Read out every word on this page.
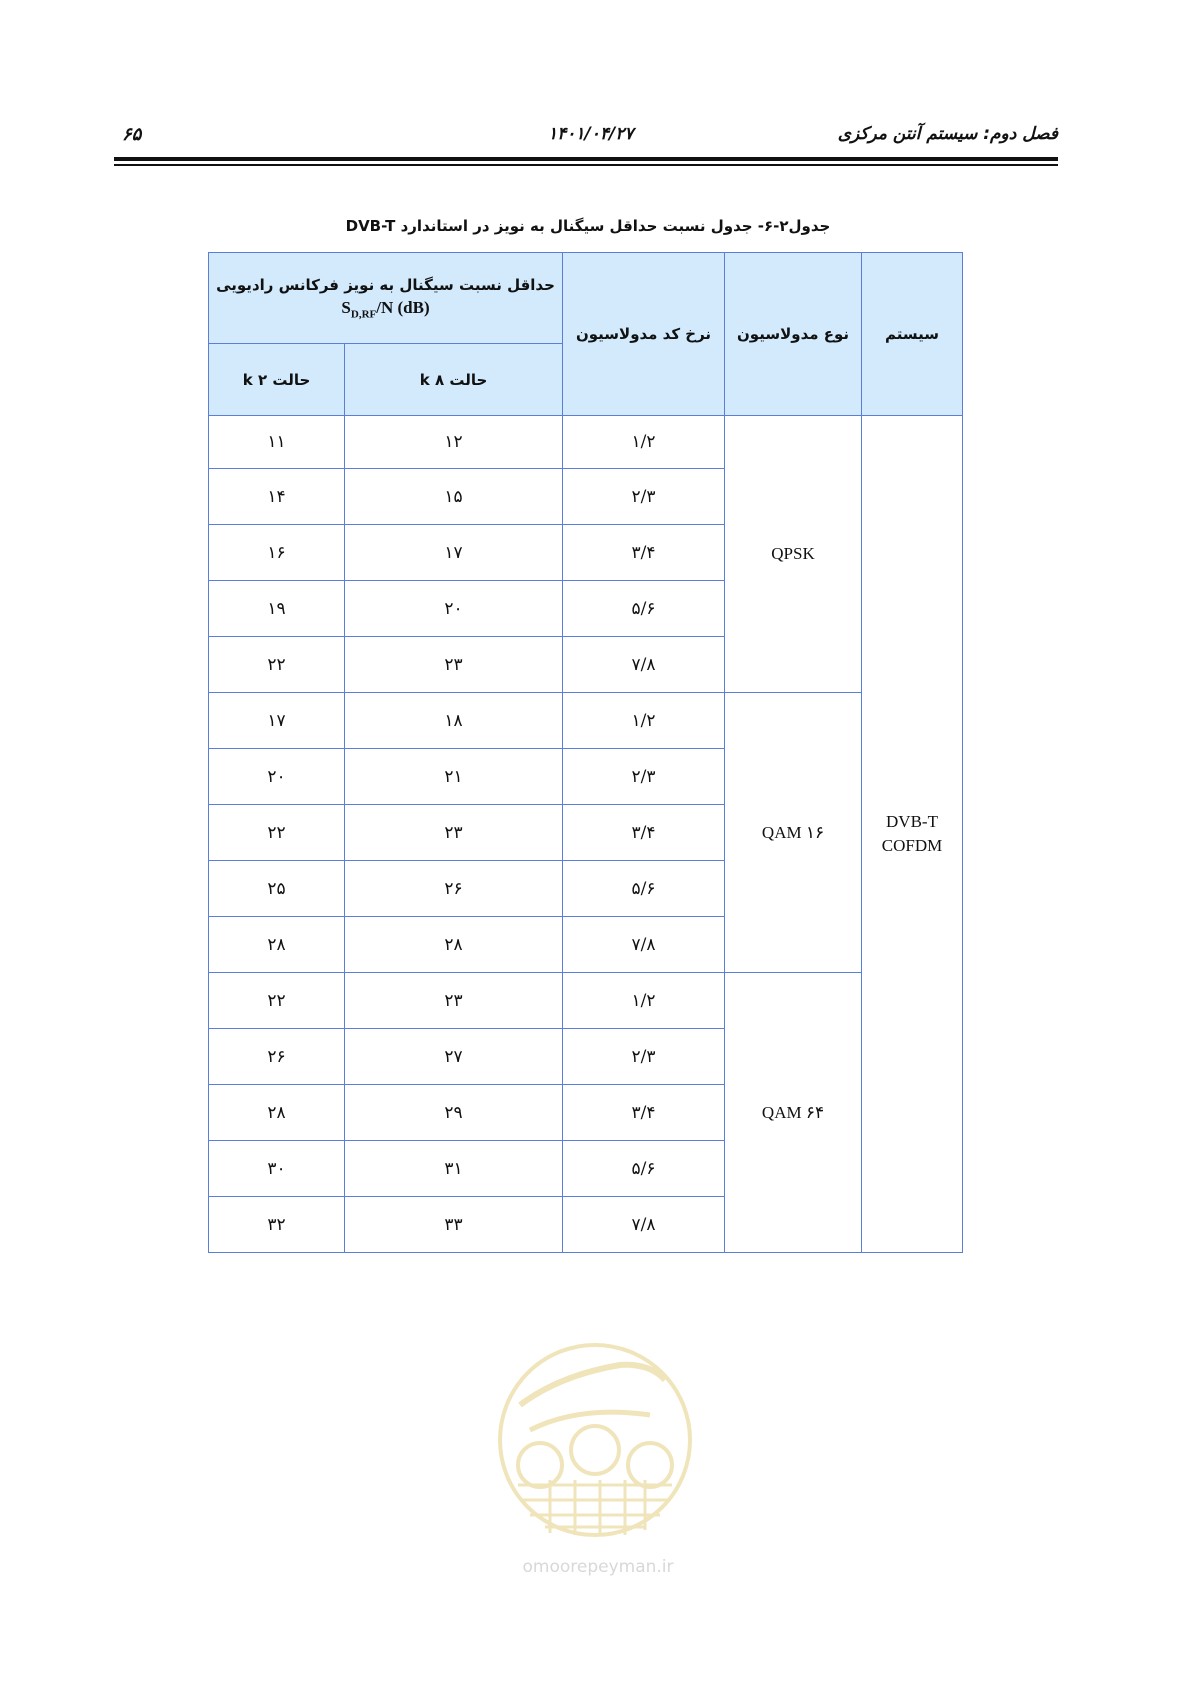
فصل دوم: سیستم آنتن مرکزی
۱۴۰۱/۰۴/۲۷
۶۵
جدول۲-۶- جدول نسبت حداقل سیگنال به نویز در استاندارد DVB-T
سیستم	نوع مدولاسیون	نرخ کد مدولاسیون	حداقل نسبت سیگنال به نویز فرکانس رادیویی
$S_{D,RF}/N$ (dB)	

			حالت ۸ k	حالت ۲ k

DVB-T
COFDM	QPSK	۱/۲	۱۲	۱۱
		۲/۳	۱۵	۱۴
		۳/۴	۱۷	۱۶
		۵/۶	۲۰	۱۹
		۷/۸	۲۳	۲۲
	۱۶ QAM	۱/۲	۱۸	۱۷
		۲/۳	۲۱	۲۰
		۳/۴	۲۳	۲۲
		۵/۶	۲۶	۲۵
		۷/۸	۲۸	۲۸
	۶۴ QAM	۱/۲	۲۳	۲۲
		۲/۳	۲۷	۲۶
		۳/۴	۲۹	۲۸
		۵/۶	۳۱	۳۰
		۷/۸	۳۳	۳۲
omoorepeyman.ir
